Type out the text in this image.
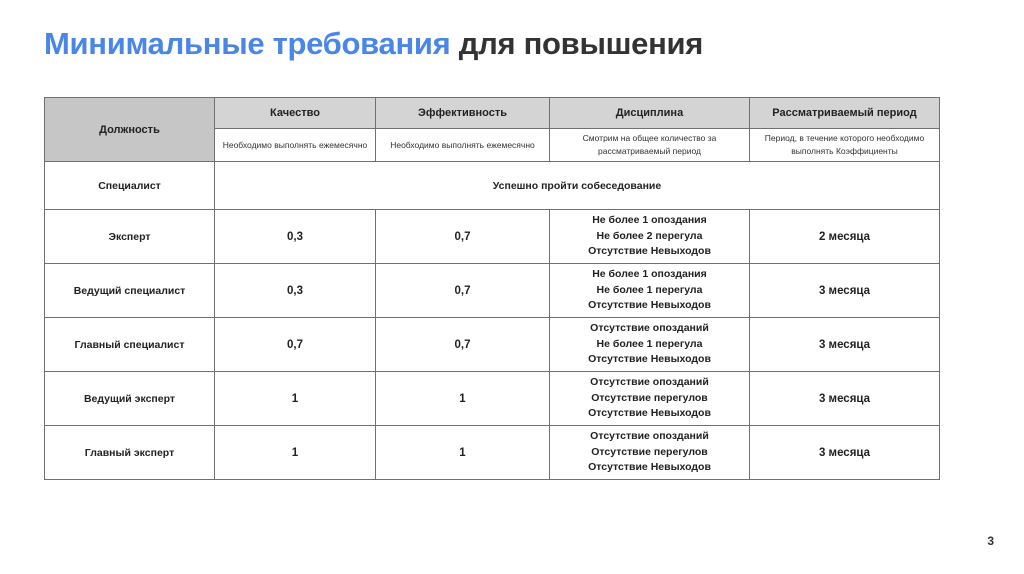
Минимальные требования для повышения
Должность	Качество	Эффективность	Дисциплина	Рассматриваемый период
	Необходимо выполнять ежемесячно	Необходимо выполнять ежемесячно	Смотрим на общее количество за рассматриваемый период	Период, в течение которого необходимо выполнять Коэффициенты
Специалист	Успешно пройти собеседование			
Эксперт	0,3	0,7	Не более 1 опоздания
Не более 2 перегула
Отсутствие Невыходов	2 месяца
Ведущий специалист	0,3	0,7	Не более 1 опоздания
Не более 1 перегула
Отсутствие Невыходов	3 месяца
Главный специалист	0,7	0,7	Отсутствие опозданий
Не более 1 перегула
Отсутствие Невыходов	3 месяца
Ведущий эксперт	1	1	Отсутствие опозданий
Отсутствие перегулов
Отсутствие Невыходов	3 месяца
Главный эксперт	1	1	Отсутствие опозданий
Отсутствие перегулов
Отсутствие Невыходов	3 месяца
3
